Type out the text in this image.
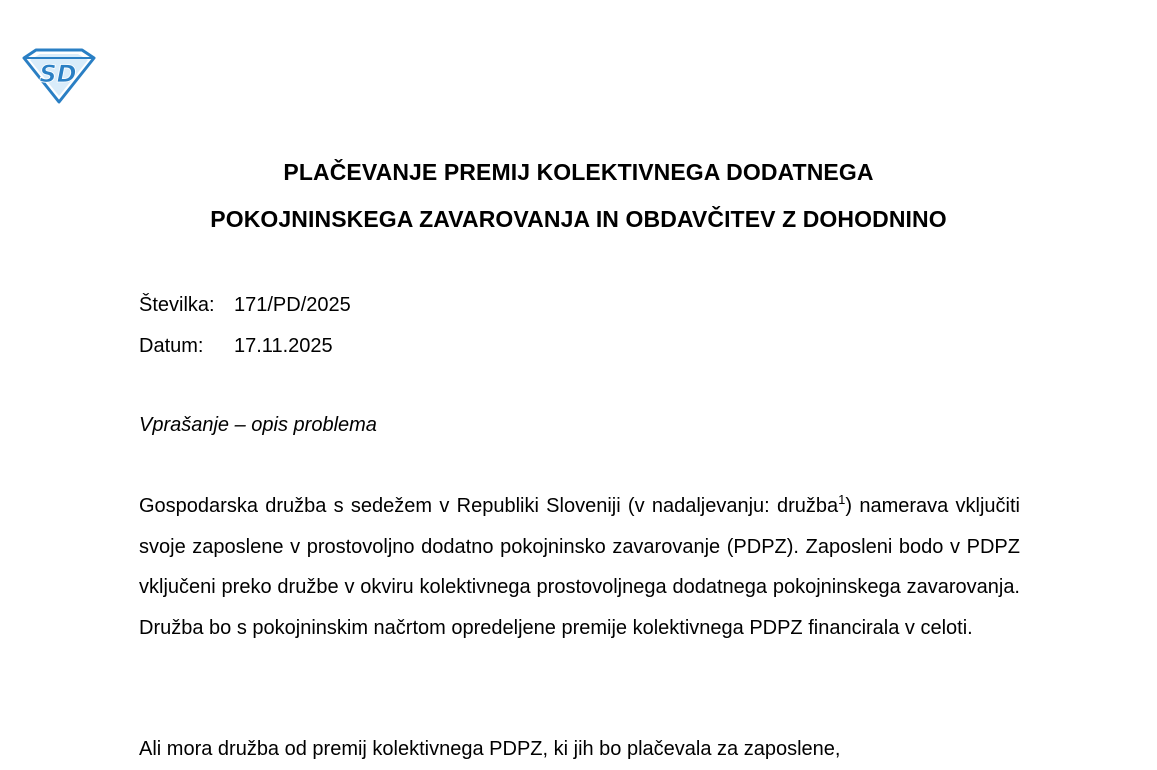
SD
PLAČEVANJE PREMIJ KOLEKTIVNEGA DODATNEGA
POKOJNINSKEGA ZAVAROVANJA IN OBDAVČITEV Z DOHODNINO
Številka: 171/PD/2025
Datum: 17.11.2025
Vprašanje – opis problema
Gospodarska družba s sedežem v Republiki Sloveniji (v nadaljevanju: družba$^1$) namerava vključiti svoje zaposlene v prostovoljno dodatno pokojninsko zavarovanje (PDPZ). Zaposleni bodo v PDPZ vključeni preko družbe v okviru kolektivnega prostovoljnega dodatnega pokojninskega zavarovanja. Družba bo s pokojninskim načrtom opredeljene premije kolektivnega PDPZ financirala v celoti.
Ali mora družba od premij kolektivnega PDPZ, ki jih bo plačevala za zaposlene,
